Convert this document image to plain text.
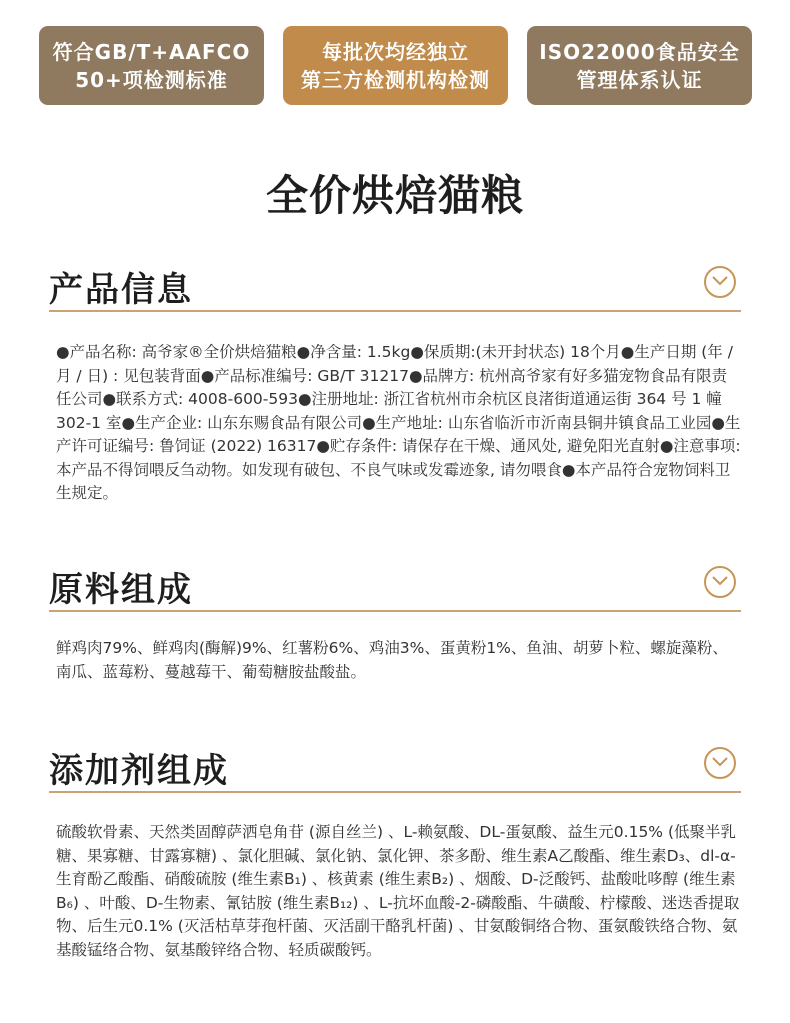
符合GB/T+AAFCO
50+项检测标准
每批次均经独立
第三方检测机构检测
ISO22000食品安全
管理体系认证
全价烘焙猫粮
产品信息
●产品名称: 高爷家®全价烘焙猫粮●净含量: 1.5kg●保质期:(未开封状态) 18个月●生产日期 (年 / 月 / 日) : 见包装背面●产品标准编号: GB/T 31217●品牌方: 杭州高爷家有好多猫宠物食品有限责任公司●联系方式: 4008-600-593●注册地址: 浙江省杭州市余杭区良渚街道通运街 364 号 1 幢 302-1 室●生产企业: 山东东赐食品有限公司●生产地址: 山东省临沂市沂南县铜井镇食品工业园●生产许可证编号: 鲁饲证 (2022) 16317●贮存条件: 请保存在干燥、通风处, 避免阳光直射●注意事项: 本产品不得饲喂反刍动物。如发现有破包、不良气味或发霉迹象, 请勿喂食●本产品符合宠物饲料卫生规定。
原料组成
鲜鸡肉79%、鲜鸡肉(酶解)9%、红薯粉6%、鸡油3%、蛋黄粉1%、鱼油、胡萝卜粒、螺旋藻粉、南瓜、蓝莓粉、蔓越莓干、葡萄糖胺盐酸盐。
添加剂组成
硫酸软骨素、天然类固醇萨洒皂角苷 (源自丝兰) 、L-赖氨酸、DL-蛋氨酸、益生元0.15% (低聚半乳糖、果寡糖、甘露寡糖) 、氯化胆碱、氯化钠、氯化钾、茶多酚、维生素A乙酸酯、维生素D₃、dl-α-生育酚乙酸酯、硝酸硫胺 (维生素B₁) 、核黄素 (维生素B₂) 、烟酸、D-泛酸钙、盐酸吡哆醇 (维生素B₆) 、叶酸、D-生物素、氰钴胺 (维生素B₁₂) 、L-抗坏血酸-2-磷酸酯、牛磺酸、柠檬酸、迷迭香提取物、后生元0.1% (灭活枯草芽孢杆菌、灭活副干酪乳杆菌) 、甘氨酸铜络合物、蛋氨酸铁络合物、氨基酸锰络合物、氨基酸锌络合物、轻质碳酸钙。
